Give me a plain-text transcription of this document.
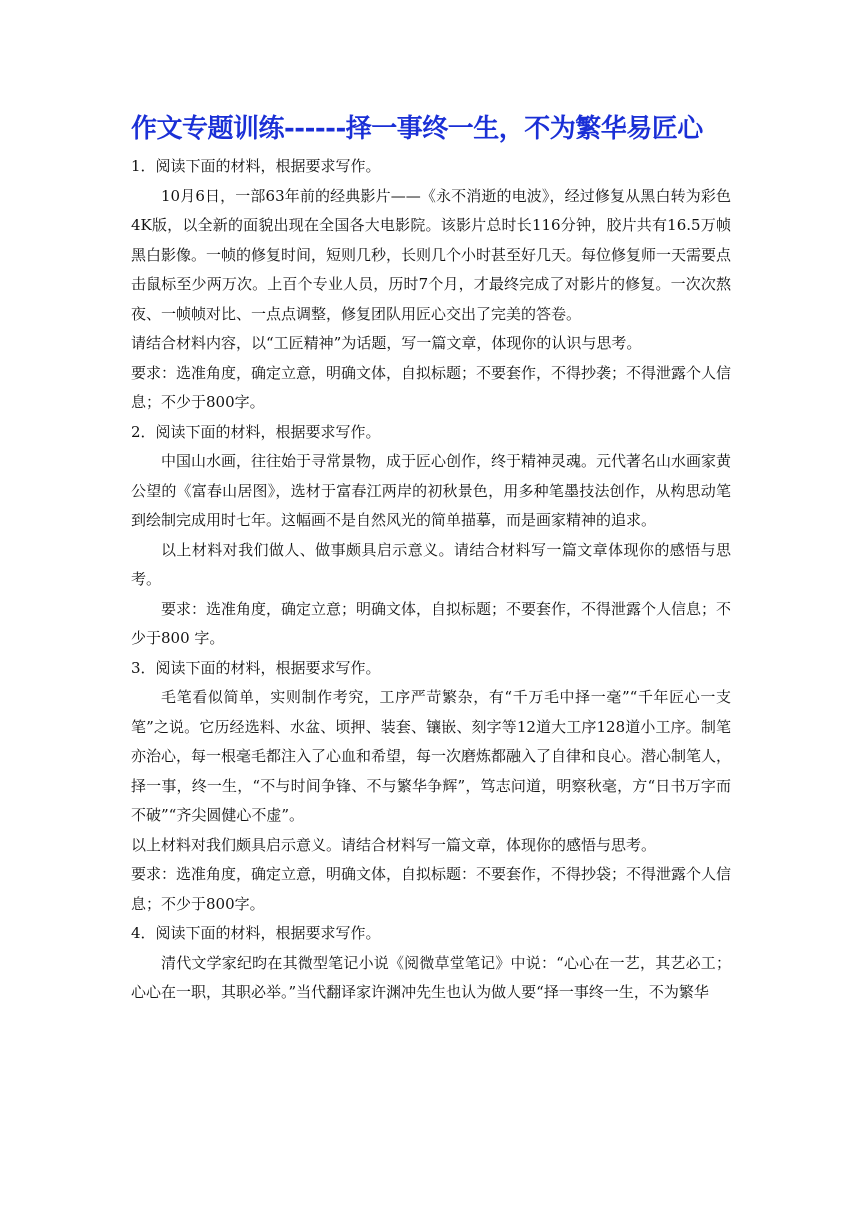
作文专题训练------择一事终一生，不为繁华易匠心

1．阅读下面的材料，根据要求写作。

10月6日，一部63年前的经典影片——《永不消逝的电波》，经过修复从黑白转为彩色4K版，以全新的面貌出现在全国各大电影院。该影片总时长116分钟，胶片共有16.5万帧黑白影像。一帧的修复时间，短则几秒，长则几个小时甚至好几天。每位修复师一天需要点击鼠标至少两万次。上百个专业人员，历时7个月，才最终完成了对影片的修复。一次次熬夜、一帧帧对比、一点点调整，修复团队用匠心交出了完美的答卷。

请结合材料内容，以“工匠精神”为话题，写一篇文章，体现你的认识与思考。

要求：选准角度，确定立意，明确文体，自拟标题；不要套作，不得抄袭；不得泄露个人信息；不少于800字。

2．阅读下面的材料，根据要求写作。

中国山水画，往往始于寻常景物，成于匠心创作，终于精神灵魂。元代著名山水画家黄公望的《富春山居图》，选材于富春江两岸的初秋景色，用多种笔墨技法创作，从构思动笔到绘制完成用时七年。这幅画不是自然风光的简单描摹，而是画家精神的追求。

以上材料对我们做人、做事颇具启示意义。请结合材料写一篇文章体现你的感悟与思考。

要求：选准角度，确定立意；明确文体，自拟标题；不要套作，不得泄露个人信息；不少于800 字。

3．阅读下面的材料，根据要求写作。

毛笔看似简单，实则制作考究，工序严苛繁杂，有“千万毛中择一毫”“千年匠心一支笔”之说。它历经选料、水盆、顷押、装套、镶嵌、刻字等12道大工序128道小工序。制笔亦治心，每一根毫毛都注入了心血和希望，每一次磨炼都融入了自律和良心。潜心制笔人，择一事，终一生，“不与时间争锋、不与繁华争辉”，笃志问道，明察秋毫，方“日书万字而不破”“齐尖圆健心不虚”。

以上材料对我们颇具启示意义。请结合材料写一篇文章，体现你的感悟与思考。

要求：选准角度，确定立意，明确文体，自拟标题：不要套作，不得抄袋；不得泄露个人信息；不少于800字。

4．阅读下面的材料，根据要求写作。

清代文学家纪昀在其微型笔记小说《阅微草堂笔记》中说：“心心在一艺，其艺必工；心心在一职，其职必举。”当代翻译家许渊冲先生也认为做人要“择一事终一生，不为繁华
